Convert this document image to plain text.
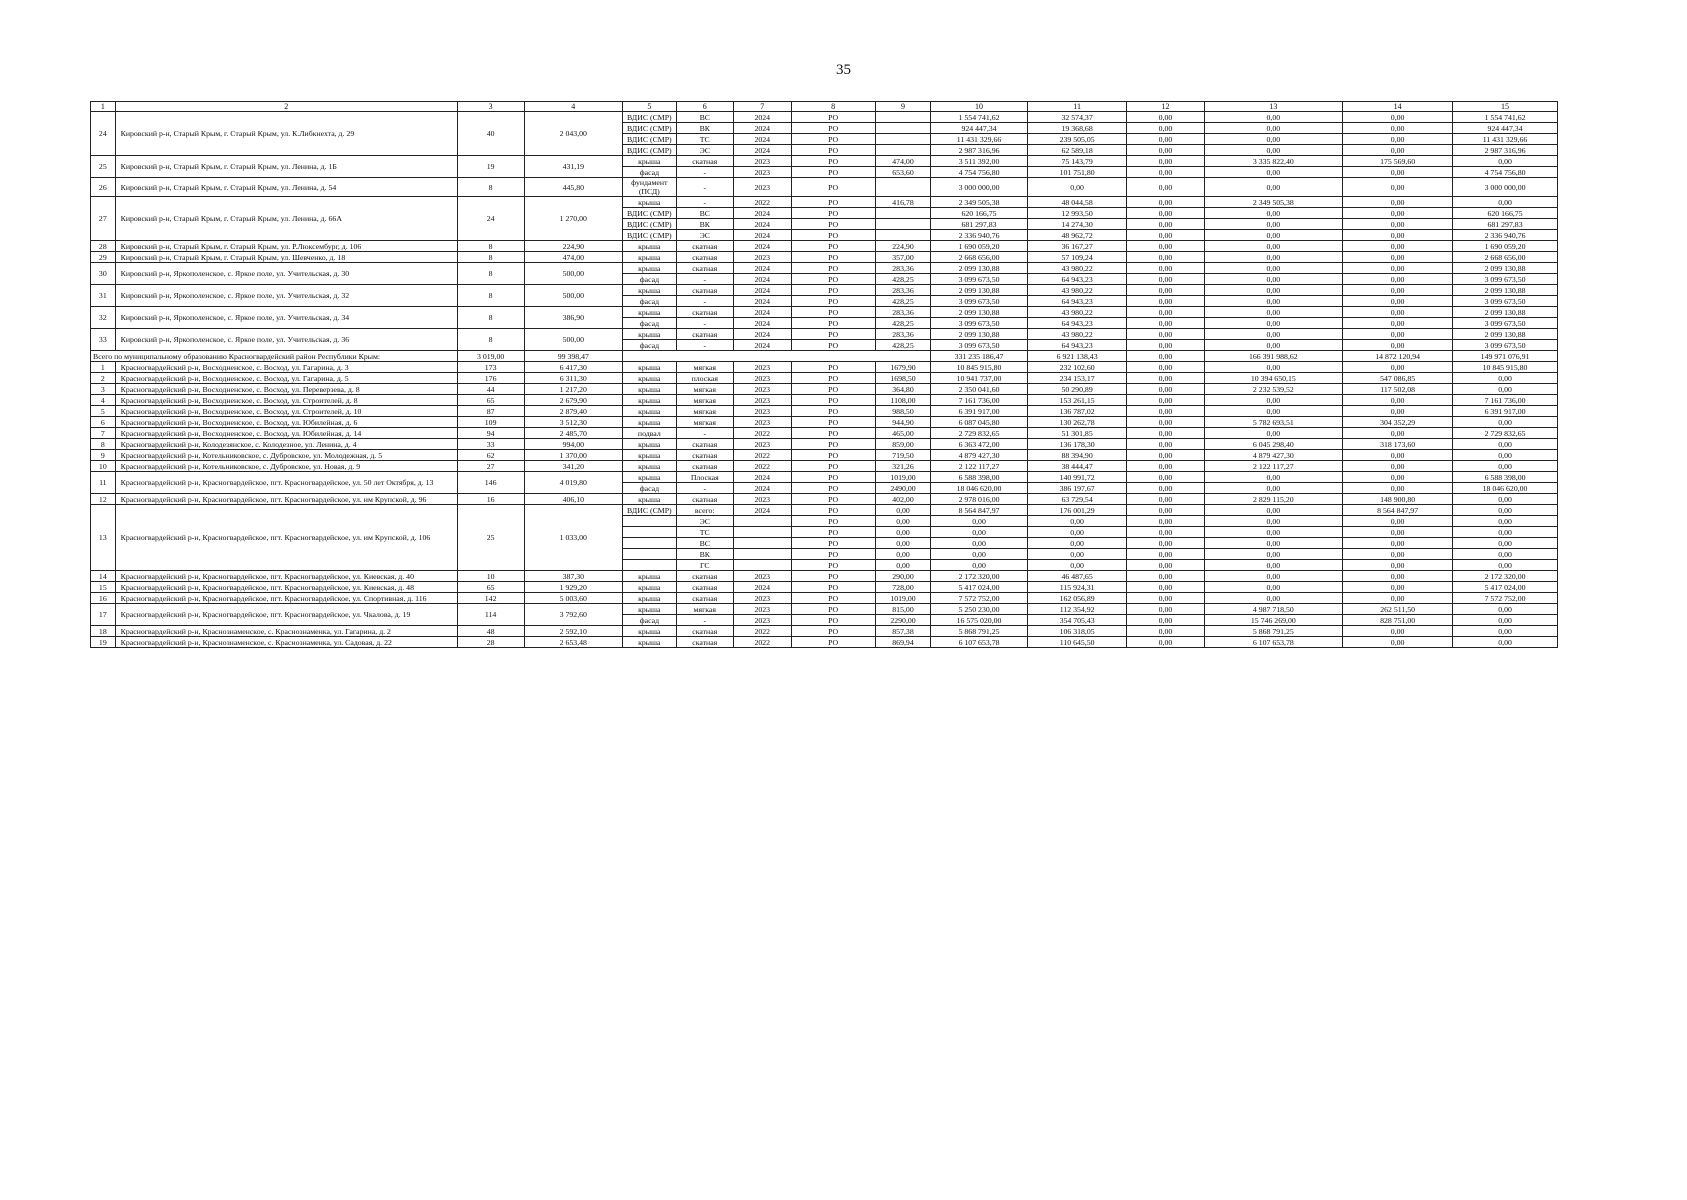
35
1	2	3	4	5	6	7	8	9	10	11	12	13	14	15
24	Кировский р-н, Старый Крым, г. Старый Крым, ул. К.Либкнехта, д. 29	40	2 043,00	ВДИС (СМР)	ВС	2024	РО		1 554 741,62	32 574,37	0,00	0,00	0,00	1 554 741,62
				ВДИС (СМР)	ВК	2024	РО		924 447,34	19 368,68	0,00	0,00	0,00	924 447,34
				ВДИС (СМР)	ТС	2024	РО		11 431 329,66	239 505,05	0,00	0,00	0,00	11 431 329,66
				ВДИС (СМР)	ЭС	2024	РО		2 987 316,96	62 589,18	0,00	0,00	0,00	2 987 316,96
25	Кировский р-н, Старый Крым, г. Старый Крым, ул. Ленина, д. 1Б	19	431,19	крыша	скатная	2023	РО	474,00	3 511 392,00	75 143,79	0,00	3 335 822,40	175 569,60	0,00
				фасад	-	2023	РО	653,60	4 754 756,80	101 751,80	0,00	0,00	0,00	4 754 756,80
26	Кировский р-н, Старый Крым, г. Старый Крым, ул. Ленина, д. 54	8	445,80	фундамент (ПСД)	-	2023	РО		3 000 000,00	0,00	0,00	0,00	0,00	3 000 000,00
27	Кировский р-н, Старый Крым, г. Старый Крым, ул. Ленина, д. 66А	24	1 270,00	крыша	-	2022	РО	416,78	2 349 505,38	48 044,58	0,00	2 349 505,38	0,00	0,00
				ВДИС (СМР)	ВС	2024	РО		620 166,75	12 993,50	0,00	0,00	0,00	620 166,75
				ВДИС (СМР)	ВК	2024	РО		681 297,83	14 274,30	0,00	0,00	0,00	681 297,83
				ВДИС (СМР)	ЭС	2024	РО		2 336 940,76	48 962,72	0,00	0,00	0,00	2 336 940,76
28	Кировский р-н, Старый Крым, г. Старый Крым, ул. Р.Люксембург, д. 106	8	224,90	крыша	скатная	2024	РО	224,90	1 690 059,20	36 167,27	0,00	0,00	0,00	1 690 059,20
29	Кировский р-н, Старый Крым, г. Старый Крым, ул. Шевченко, д. 18	8	474,00	крыша	скатная	2023	РО	357,00	2 668 656,00	57 109,24	0,00	0,00	0,00	2 668 656,00
30	Кировский р-н, Яркополенское, с. Яркое поле, ул. Учительская, д. 30	8	500,00	крыша	скатная	2024	РО	283,36	2 099 130,88	43 980,22	0,00	0,00	0,00	2 099 130,88
				фасад	-	2024	РО	428,25	3 099 673,50	64 943,23	0,00	0,00	0,00	3 099 673,50
31	Кировский р-н, Яркополенское, с. Яркое поле, ул. Учительская, д. 32	8	500,00	крыша	скатная	2024	РО	283,36	2 099 130,88	43 980,22	0,00	0,00	0,00	2 099 130,88
				фасад	-	2024	РО	428,25	3 099 673,50	64 943,23	0,00	0,00	0,00	3 099 673,50
32	Кировский р-н, Яркополенское, с. Яркое поле, ул. Учительская, д. 34	8	386,90	крыша	скатная	2024	РО	283,36	2 099 130,88	43 980,22	0,00	0,00	0,00	2 099 130,88
				фасад	-	2024	РО	428,25	3 099 673,50	64 943,23	0,00	0,00	0,00	3 099 673,50
33	Кировский р-н, Яркополенское, с. Яркое поле, ул. Учительская, д. 36	8	500,00	крыша	скатная	2024	РО	283,36	2 099 130,88	43 980,22	0,00	0,00	0,00	2 099 130,88
				фасад	-	2024	РО	428,25	3 099 673,50	64 943,23	0,00	0,00	0,00	3 099 673,50
Всего по муниципальному образованию Красногвардейский район Республики Крым:		3 019,00	99 398,47						331 235 186,47	6 921 138,43	0,00	166 391 988,62	14 872 120,94	149 971 076,91
1	Красногвардейский р-н, Восходненское, с. Восход, ул. Гагарина, д. 3	173	6 417,30	крыша	мягкая	2023	РО	1679,90	10 845 915,80	232 102,60	0,00	0,00	0,00	10 845 915,80
2	Красногвардейский р-н, Восходненское, с. Восход, ул. Гагарина, д. 5	176	6 311,30	крыша	плоская	2023	РО	1698,50	10 941 737,00	234 153,17	0,00	10 394 650,15	547 086,85	0,00
3	Красногвардейский р-н, Восходненское, с. Восход, ул. Переверзева, д. 8	44	1 217,20	крыша	мягкая	2023	РО	364,80	2 350 041,60	50 290,89	0,00	2 232 539,52	117 502,08	0,00
4	Красногвардейский р-н, Восходненское, с. Восход, ул. Строителей, д. 8	65	2 679,90	крыша	мягкая	2023	РО	1108,00	7 161 736,00	153 261,15	0,00	0,00	0,00	7 161 736,00
5	Красногвардейский р-н, Восходненское, с. Восход, ул. Строителей, д. 10	87	2 879,40	крыша	мягкая	2023	РО	988,50	6 391 917,00	136 787,02	0,00	0,00	0,00	6 391 917,00
6	Красногвардейский р-н, Восходненское, с. Восход, ул. Юбилейная, д. 6	109	3 512,30	крыша	мягкая	2023	РО	944,90	6 087 045,80	130 262,78	0,00	5 782 693,51	304 352,29	0,00
7	Красногвардейский р-н, Восходненское, с. Восход, ул. Юбилейная, д. 14	94	2 485,70	подвал	-	2022	РО	465,00	2 729 832,65	51 301,85	0,00	0,00	0,00	2 729 832,65
8	Красногвардейский р-н, Колодезянское, с. Колодезное, ул. Ленина, д. 4	33	994,00	крыша	скатная	2023	РО	859,00	6 363 472,00	136 178,30	0,00	6 045 298,40	318 173,60	0,00
9	Красногвардейский р-н, Котельниковское, с. Дубровское, ул. Молодежная, д. 5	62	1 370,00	крыша	скатная	2022	РО	719,50	4 879 427,30	88 394,90	0,00	4 879 427,30	0,00	0,00
10	Красногвардейский р-н, Котельниковское, с. Дубровское, ул. Новая, д. 9	27	341,20	крыша	скатная	2022	РО	321,26	2 122 117,27	38 444,47	0,00	2 122 117,27	0,00	0,00
11	Красногвардейский р-н, Красногвардейское, пгт. Красногвардейское, ул. 50 лет Октября, д. 13	146	4 019,80	крыша	Плоская	2024	РО	1019,00	6 588 398,00	140 991,72	0,00	0,00	0,00	6 588 398,00
				фасад	-	2024	РО	2490,00	18 046 620,00	386 197,67	0,00	0,00	0,00	18 046 620,00
12	Красногвардейский р-н, Красногвардейское, пгт. Красногвардейское, ул. им Крупской, д. 96	16	406,10	крыша	скатная	2023	РО	402,00	2 978 016,00	63 729,54	0,00	2 829 115,20	148 900,80	0,00
13	Красногвардейский р-н, Красногвардейское, пгт. Красногвардейское, ул. им Крупской, д. 106	25	1 033,00	ВДИС (СМР)	всего:	2024	РО	0,00	8 564 847,97	176 001,29	0,00	0,00	8 564 847,97	0,00
					ЭС		РО	0,00	0,00	0,00	0,00	0,00	0,00	0,00
					ТС		РО	0,00	0,00	0,00	0,00	0,00	0,00	0,00
					ВС		РО	0,00	0,00	0,00	0,00	0,00	0,00	0,00
					ВК		РО	0,00	0,00	0,00	0,00	0,00	0,00	0,00
					ГС		РО	0,00	0,00	0,00	0,00	0,00	0,00	0,00
14	Красногвардейский р-н, Красногвардейское, пгт. Красногвардейское, ул. Киевская, д. 40	10	387,30	крыша	скатная	2023	РО	290,00	2 172 320,00	46 487,65	0,00	0,00	0,00	2 172 320,00
15	Красногвардейский р-н, Красногвардейское, пгт. Красногвардейское, ул. Киевская, д. 48	65	1 929,20	крыша	скатная	2024	РО	728,00	5 417 024,00	115 924,31	0,00	0,00	0,00	5 417 024,00
16	Красногвардейский р-н, Красногвардейское, пгт. Красногвардейское, ул. Спортивная, д. 116	142	5 003,60	крыша	скатная	2023	РО	1019,00	7 572 752,00	162 056,89	0,00	0,00	0,00	7 572 752,00
17	Красногвардейский р-н, Красногвардейское, пгт. Красногвардейское, ул. Чкалова, д. 19	114	3 792,60	крыша	мягкая	2023	РО	815,00	5 250 230,00	112 354,92	0,00	4 987 718,50	262 511,50	0,00
				фасад	-	2023	РО	2290,00	16 575 020,00	354 705,43	0,00	15 746 269,00	828 751,00	0,00
18	Красногвардейский р-н, Краснознаменское, с. Краснознаменка, ул. Гагарина, д. 2	48	2 592,10	крыша	скатная	2022	РО	857,38	5 868 791,25	106 318,05	0,00	5 868 791,25	0,00	0,00
19	Красногвардейский р-н, Краснознаменское, с. Краснознаменка, ул. Садовая, д. 22	28	2 653,48	крыша	скатная	2022	РО	869,94	6 107 653,78	110 645,50	0,00	6 107 653,78	0,00	0,00
